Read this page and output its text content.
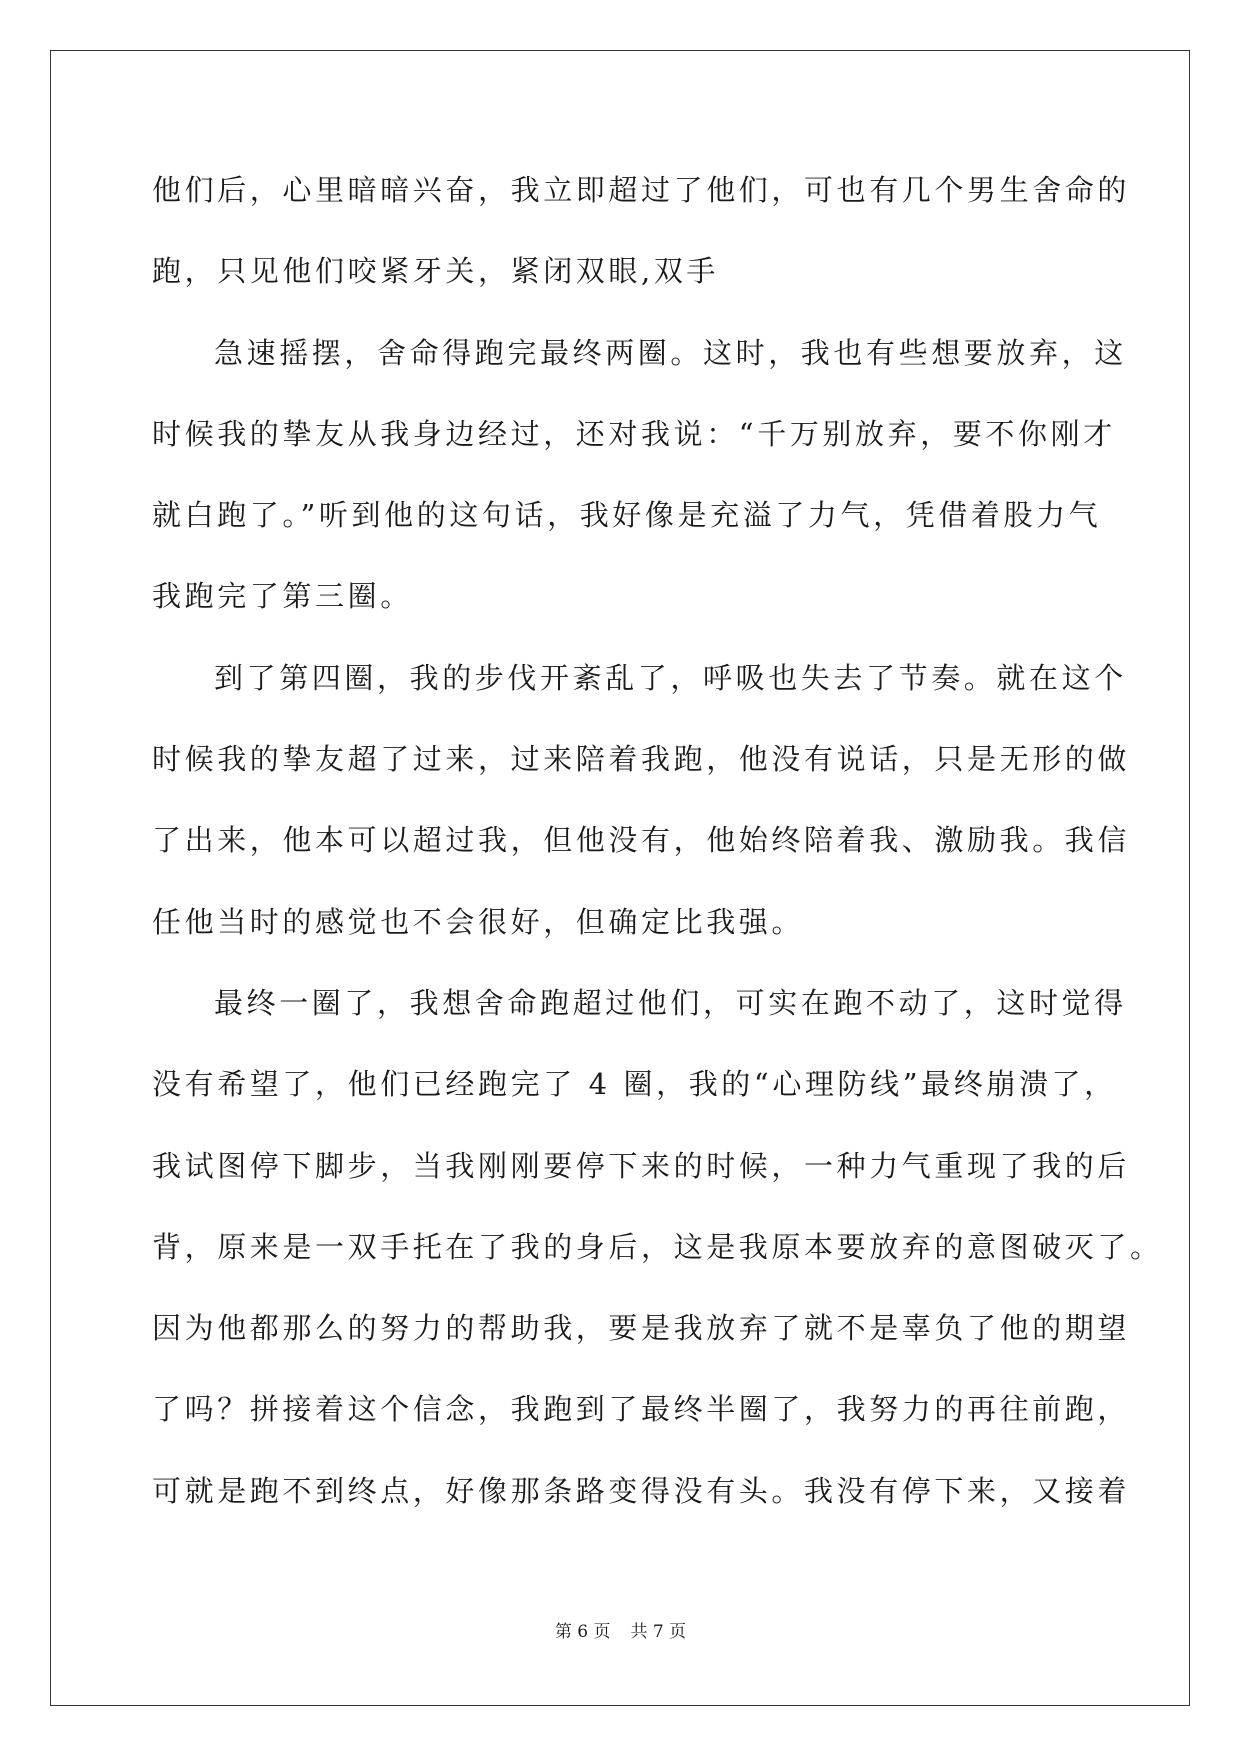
他们后，心里暗暗兴奋，我立即超过了他们，可也有几个男生舍命的
跑，只见他们咬紧牙关，紧闭双眼,双手
急速摇摆，舍命得跑完最终两圈。这时，我也有些想要放弃，这
时候我的挚友从我身边经过，还对我说：“千万别放弃，要不你刚才
就白跑了。”听到他的这句话，我好像是充溢了力气，凭借着股力气
我跑完了第三圈。
到了第四圈，我的步伐开紊乱了，呼吸也失去了节奏。就在这个
时候我的挚友超了过来，过来陪着我跑，他没有说话，只是无形的做
了出来，他本可以超过我，但他没有，他始终陪着我、激励我。我信
任他当时的感觉也不会很好，但确定比我强。
最终一圈了，我想舍命跑超过他们，可实在跑不动了，这时觉得
没有希望了，他们已经跑完了 4 圈，我的“心理防线”最终崩溃了，
我试图停下脚步，当我刚刚要停下来的时候，一种力气重现了我的后
背，原来是一双手托在了我的身后，这是我原本要放弃的意图破灭了。
因为他都那么的努力的帮助我，要是我放弃了就不是辜负了他的期望
了吗？拼接着这个信念，我跑到了最终半圈了，我努力的再往前跑，
可就是跑不到终点，好像那条路变得没有头。我没有停下来，又接着
第 6 页 共 7 页
